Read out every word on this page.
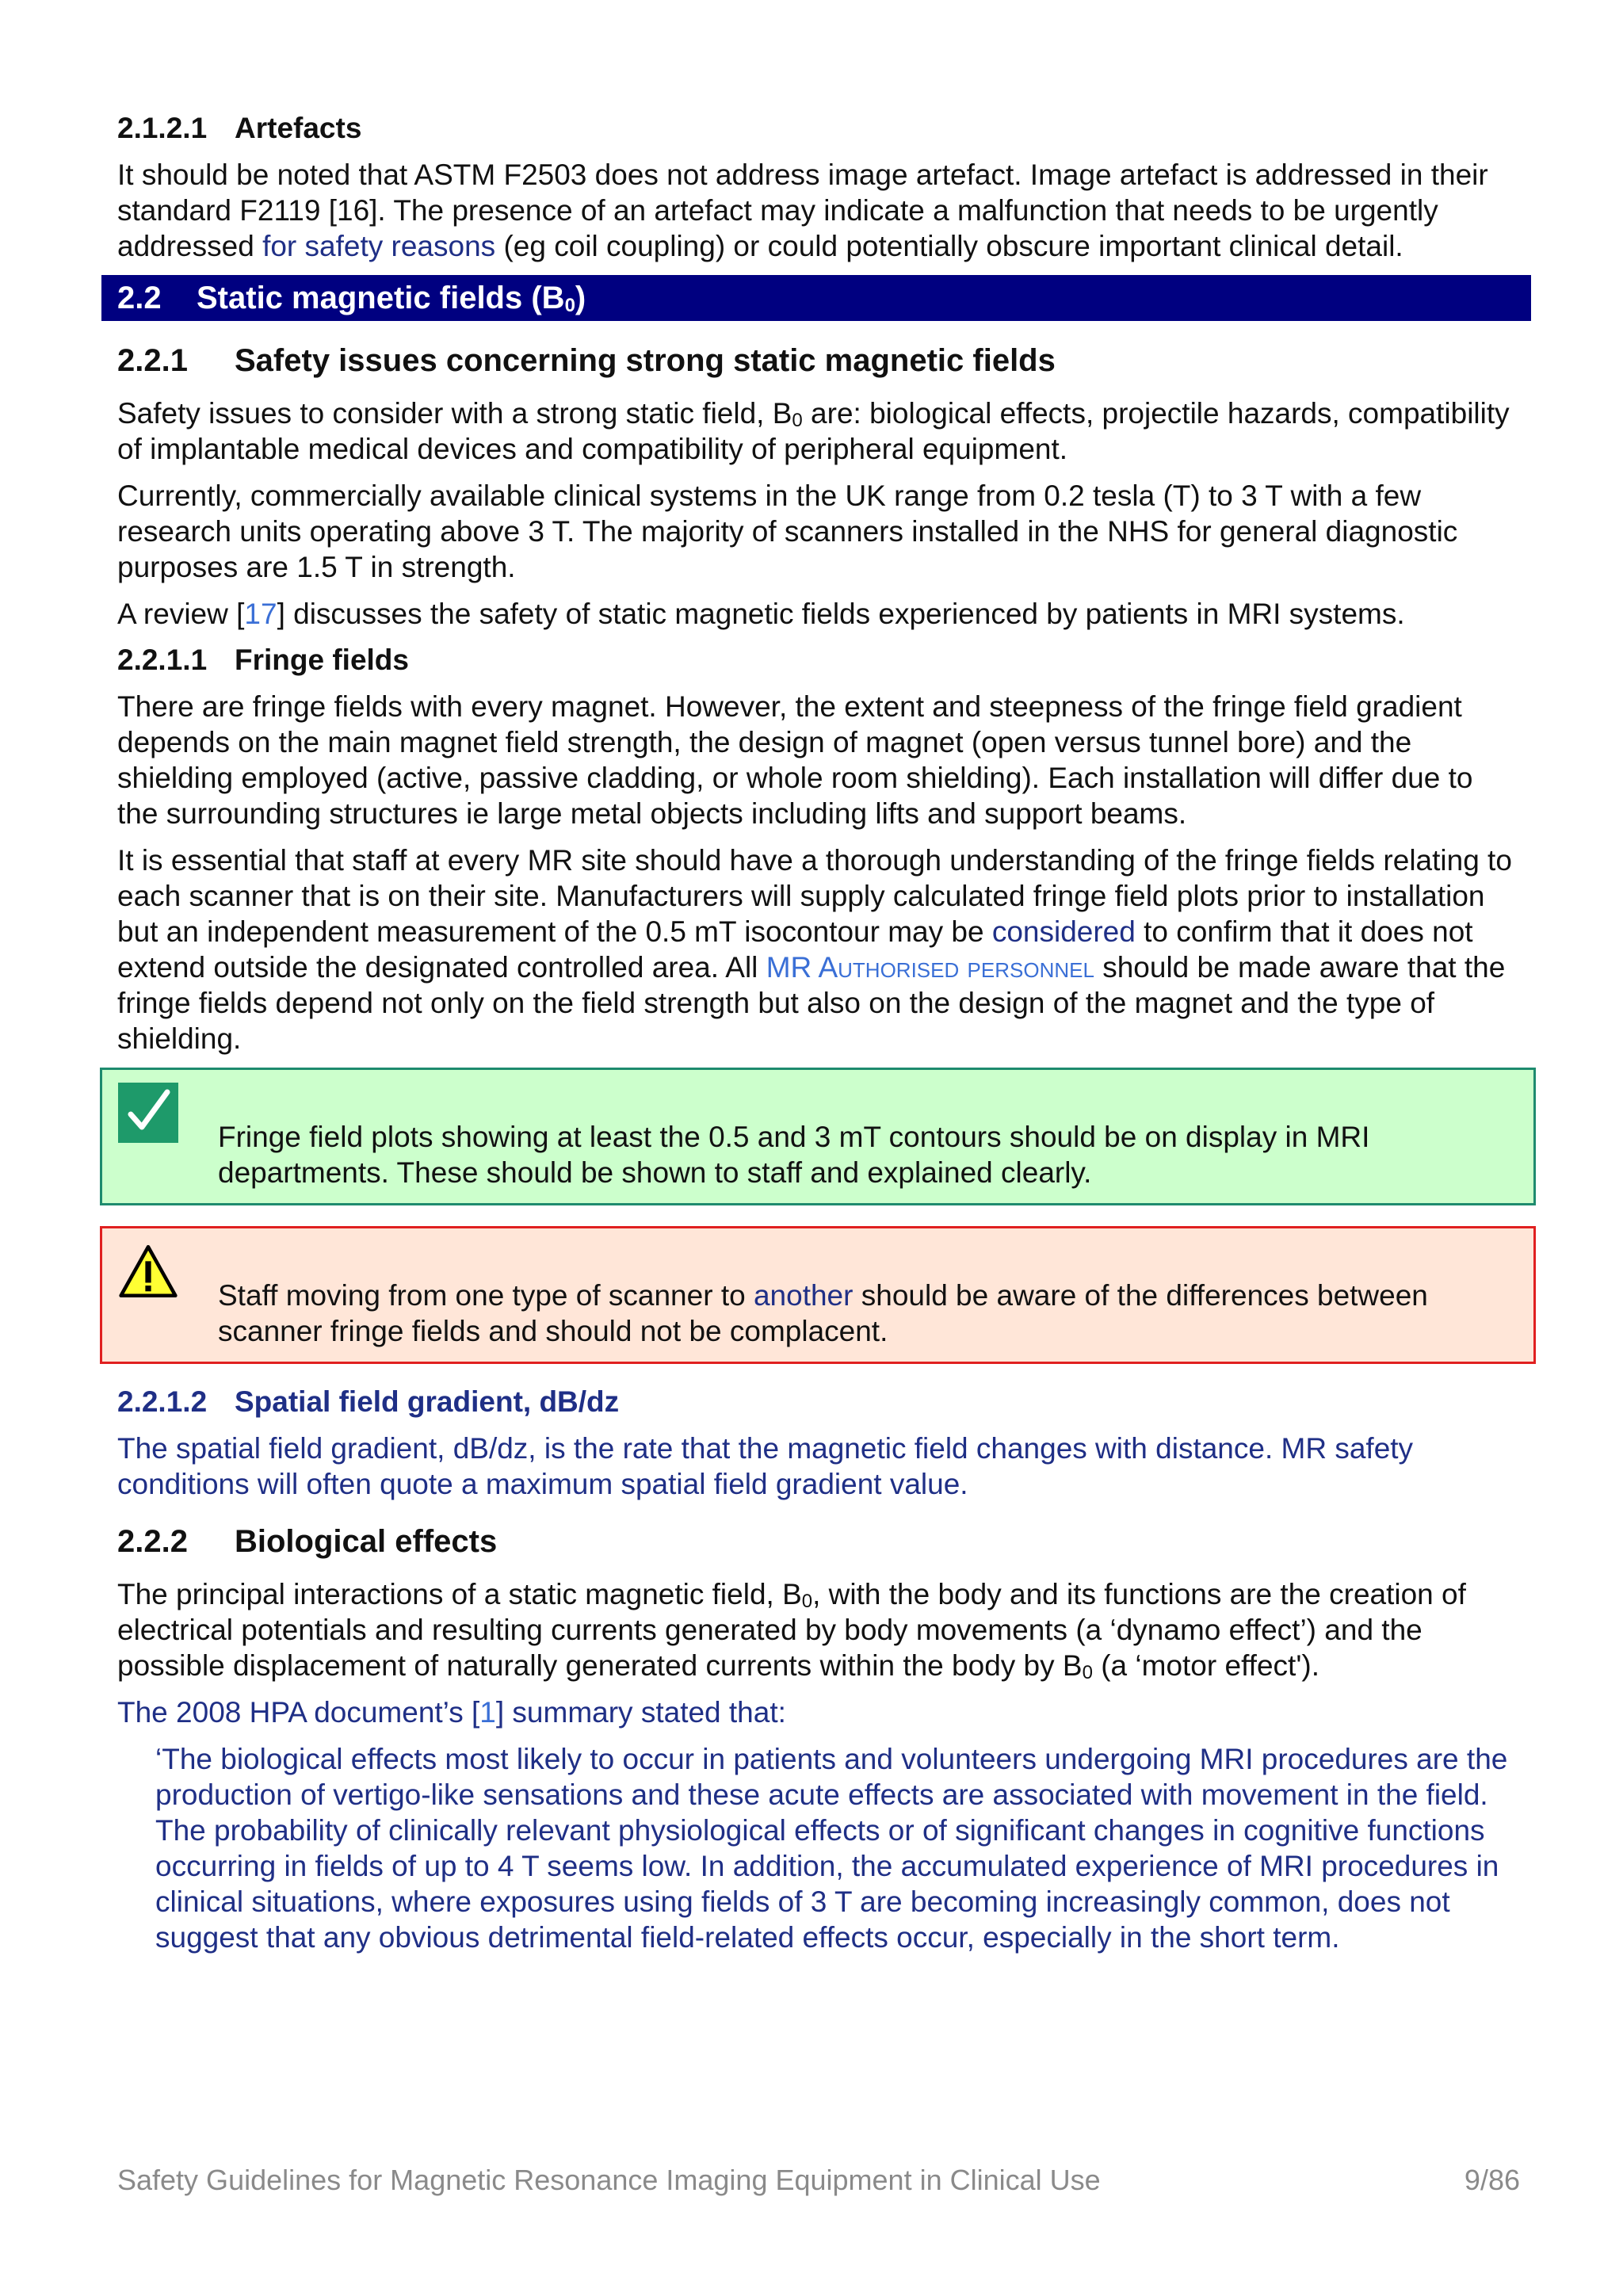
2.1.2.1 Artefacts

It should be noted that ASTM F2503 does not address image artefact. Image artefact is addressed in their standard F2119 [16]. The presence of an artefact may indicate a malfunction that needs to be urgently addressed for safety reasons (eg coil coupling) or could potentially obscure important clinical detail.

2.2 Static magnetic fields $(B_0)$
2.2.1 Safety issues concerning strong static magnetic fields

Safety issues to consider with a strong static field, $B_0$ are: biological effects, projectile hazards, compatibility of implantable medical devices and compatibility of peripheral equipment.

Currently, commercially available clinical systems in the UK range from 0.2 tesla (T) to 3 T with a few research units operating above 3 T. The majority of scanners installed in the NHS for general diagnostic purposes are 1.5 T in strength.

A review [17] discusses the safety of static magnetic fields experienced by patients in MRI systems.

2.2.1.1 Fringe fields

There are fringe fields with every magnet. However, the extent and steepness of the fringe field gradient depends on the main magnet field strength, the design of magnet (open versus tunnel bore) and the shielding employed (active, passive cladding, or whole room shielding). Each installation will differ due to the surrounding structures ie large metal objects including lifts and support beams.

It is essential that staff at every MR site should have a thorough understanding of the fringe fields relating to each scanner that is on their site. Manufacturers will supply calculated fringe field plots prior to installation but an independent measurement of the 0.5 mT isocontour may be considered to confirm that it does not extend outside the designated controlled area. All MR Authorised personnel should be made aware that the fringe fields depend not only on the field strength but also on the design of the magnet and the type of shielding.

Fringe field plots showing at least the 0.5 and 3 mT contours should be on display in MRI departments. These should be shown to staff and explained clearly.
Staff moving from one type of scanner to another should be aware of the differences between scanner fringe fields and should not be complacent.
2.2.1.2 Spatial field gradient, dB/dz

The spatial field gradient, dB/dz, is the rate that the magnetic field changes with distance. MR safety conditions will often quote a maximum spatial field gradient value.

2.2.2 Biological effects

The principal interactions of a static magnetic field, $B_0$, with the body and its functions are the creation of electrical potentials and resulting currents generated by body movements (a ‘dynamo effect’) and the possible displacement of naturally generated currents within the body by $B_0$ (a ‘motor effect').

The 2008 HPA document’s [1] summary stated that:

‘The biological effects most likely to occur in patients and volunteers undergoing MRI procedures are the production of vertigo-like sensations and these acute effects are associated with movement in the field. The probability of clinically relevant physiological effects or of significant changes in cognitive functions occurring in fields of up to 4 T seems low. In addition, the accumulated experience of MRI procedures in clinical situations, where exposures using fields of 3 T are becoming increasingly common, does not suggest that any obvious detrimental field-related effects occur, especially in the short term.

Safety Guidelines for Magnetic Resonance Imaging Equipment in Clinical Use	9/86
